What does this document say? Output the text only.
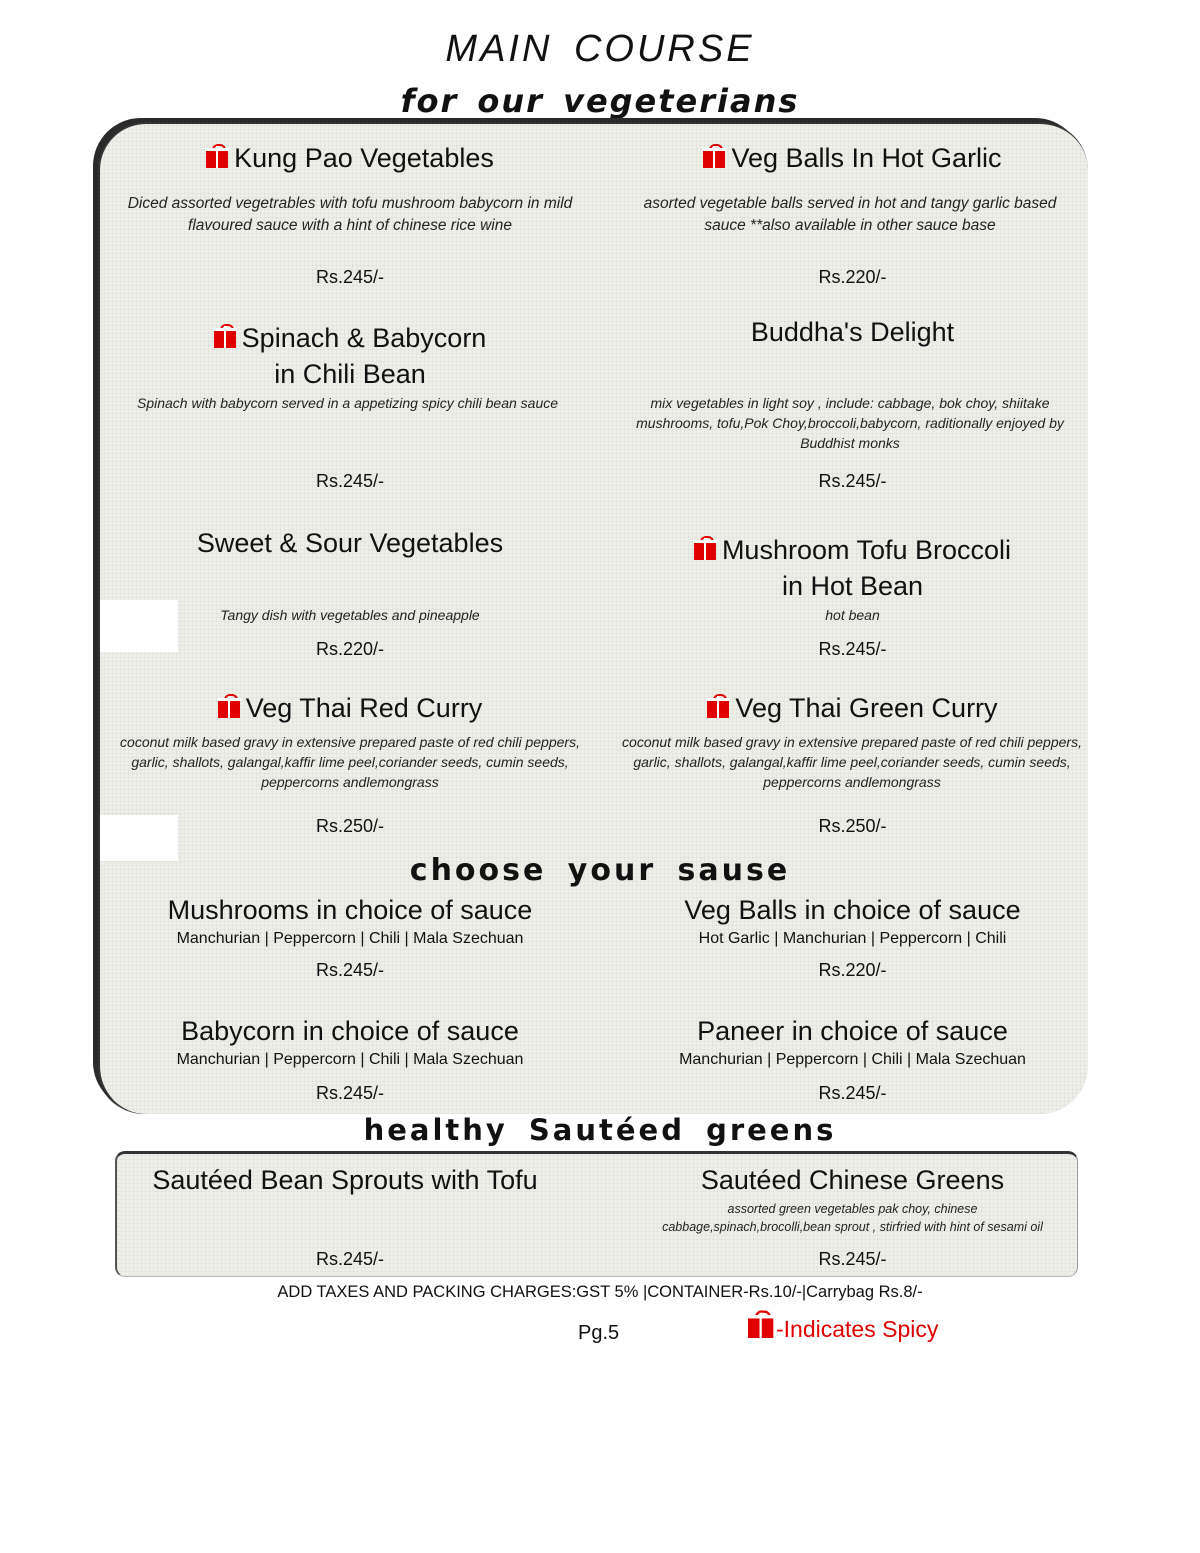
MAIN COURSE
for our vegeterians
Kung Pao Vegetables
Diced assorted vegetrables with tofu mushroom babycorn in mild flavoured sauce with a hint of chinese rice wine
Rs.245/-
Veg Balls In Hot Garlic
asorted vegetable balls served in hot and tangy garlic based sauce **also available in other sauce base
Rs.220/-
Spinach & Babycorn
in Chili Bean
Spinach with babycorn served in a appetizing spicy chili bean sauce
Rs.245/-
Buddha's Delight
mix vegetables in light soy , include: cabbage, bok choy, shiitake mushrooms, tofu,Pok Choy,broccoli,babycorn, raditionally enjoyed by Buddhist monks
Rs.245/-
Sweet & Sour Vegetables
Tangy dish with vegetables and pineapple
Rs.220/-
Mushroom Tofu Broccoli
in Hot Bean
hot bean
Rs.245/-
Veg Thai Red Curry
coconut milk based gravy in extensive prepared paste of red chili peppers, garlic, shallots, galangal,kaffir lime peel,coriander seeds, cumin seeds, peppercorns andlemongrass
Rs.250/-
Veg Thai Green Curry
coconut milk based gravy in extensive prepared paste of red chili peppers, garlic, shallots, galangal,kaffir lime peel,coriander seeds, cumin seeds, peppercorns andlemongrass
Rs.250/-
choose your sause
Mushrooms in choice of sauce
Manchurian | Peppercorn | Chili | Mala Szechuan
Rs.245/-
Veg Balls in choice of sauce
Hot Garlic | Manchurian | Peppercorn | Chili
Rs.220/-
Babycorn in choice of sauce
Manchurian | Peppercorn | Chili | Mala Szechuan
Rs.245/-
Paneer in choice of sauce
Manchurian | Peppercorn | Chili | Mala Szechuan
Rs.245/-
healthy Sautéed greens
Sautéed Bean Sprouts with Tofu
Rs.245/-
Sautéed Chinese Greens
assorted green vegetables pak choy, chinese
cabbage,spinach,brocolli,bean sprout , stirfried with hint of sesami oil
Rs.245/-
ADD TAXES AND PACKING CHARGES:GST 5% |CONTAINER-Rs.10/-|Carrybag Rs.8/-
Pg.5	-Indicates Spicy
